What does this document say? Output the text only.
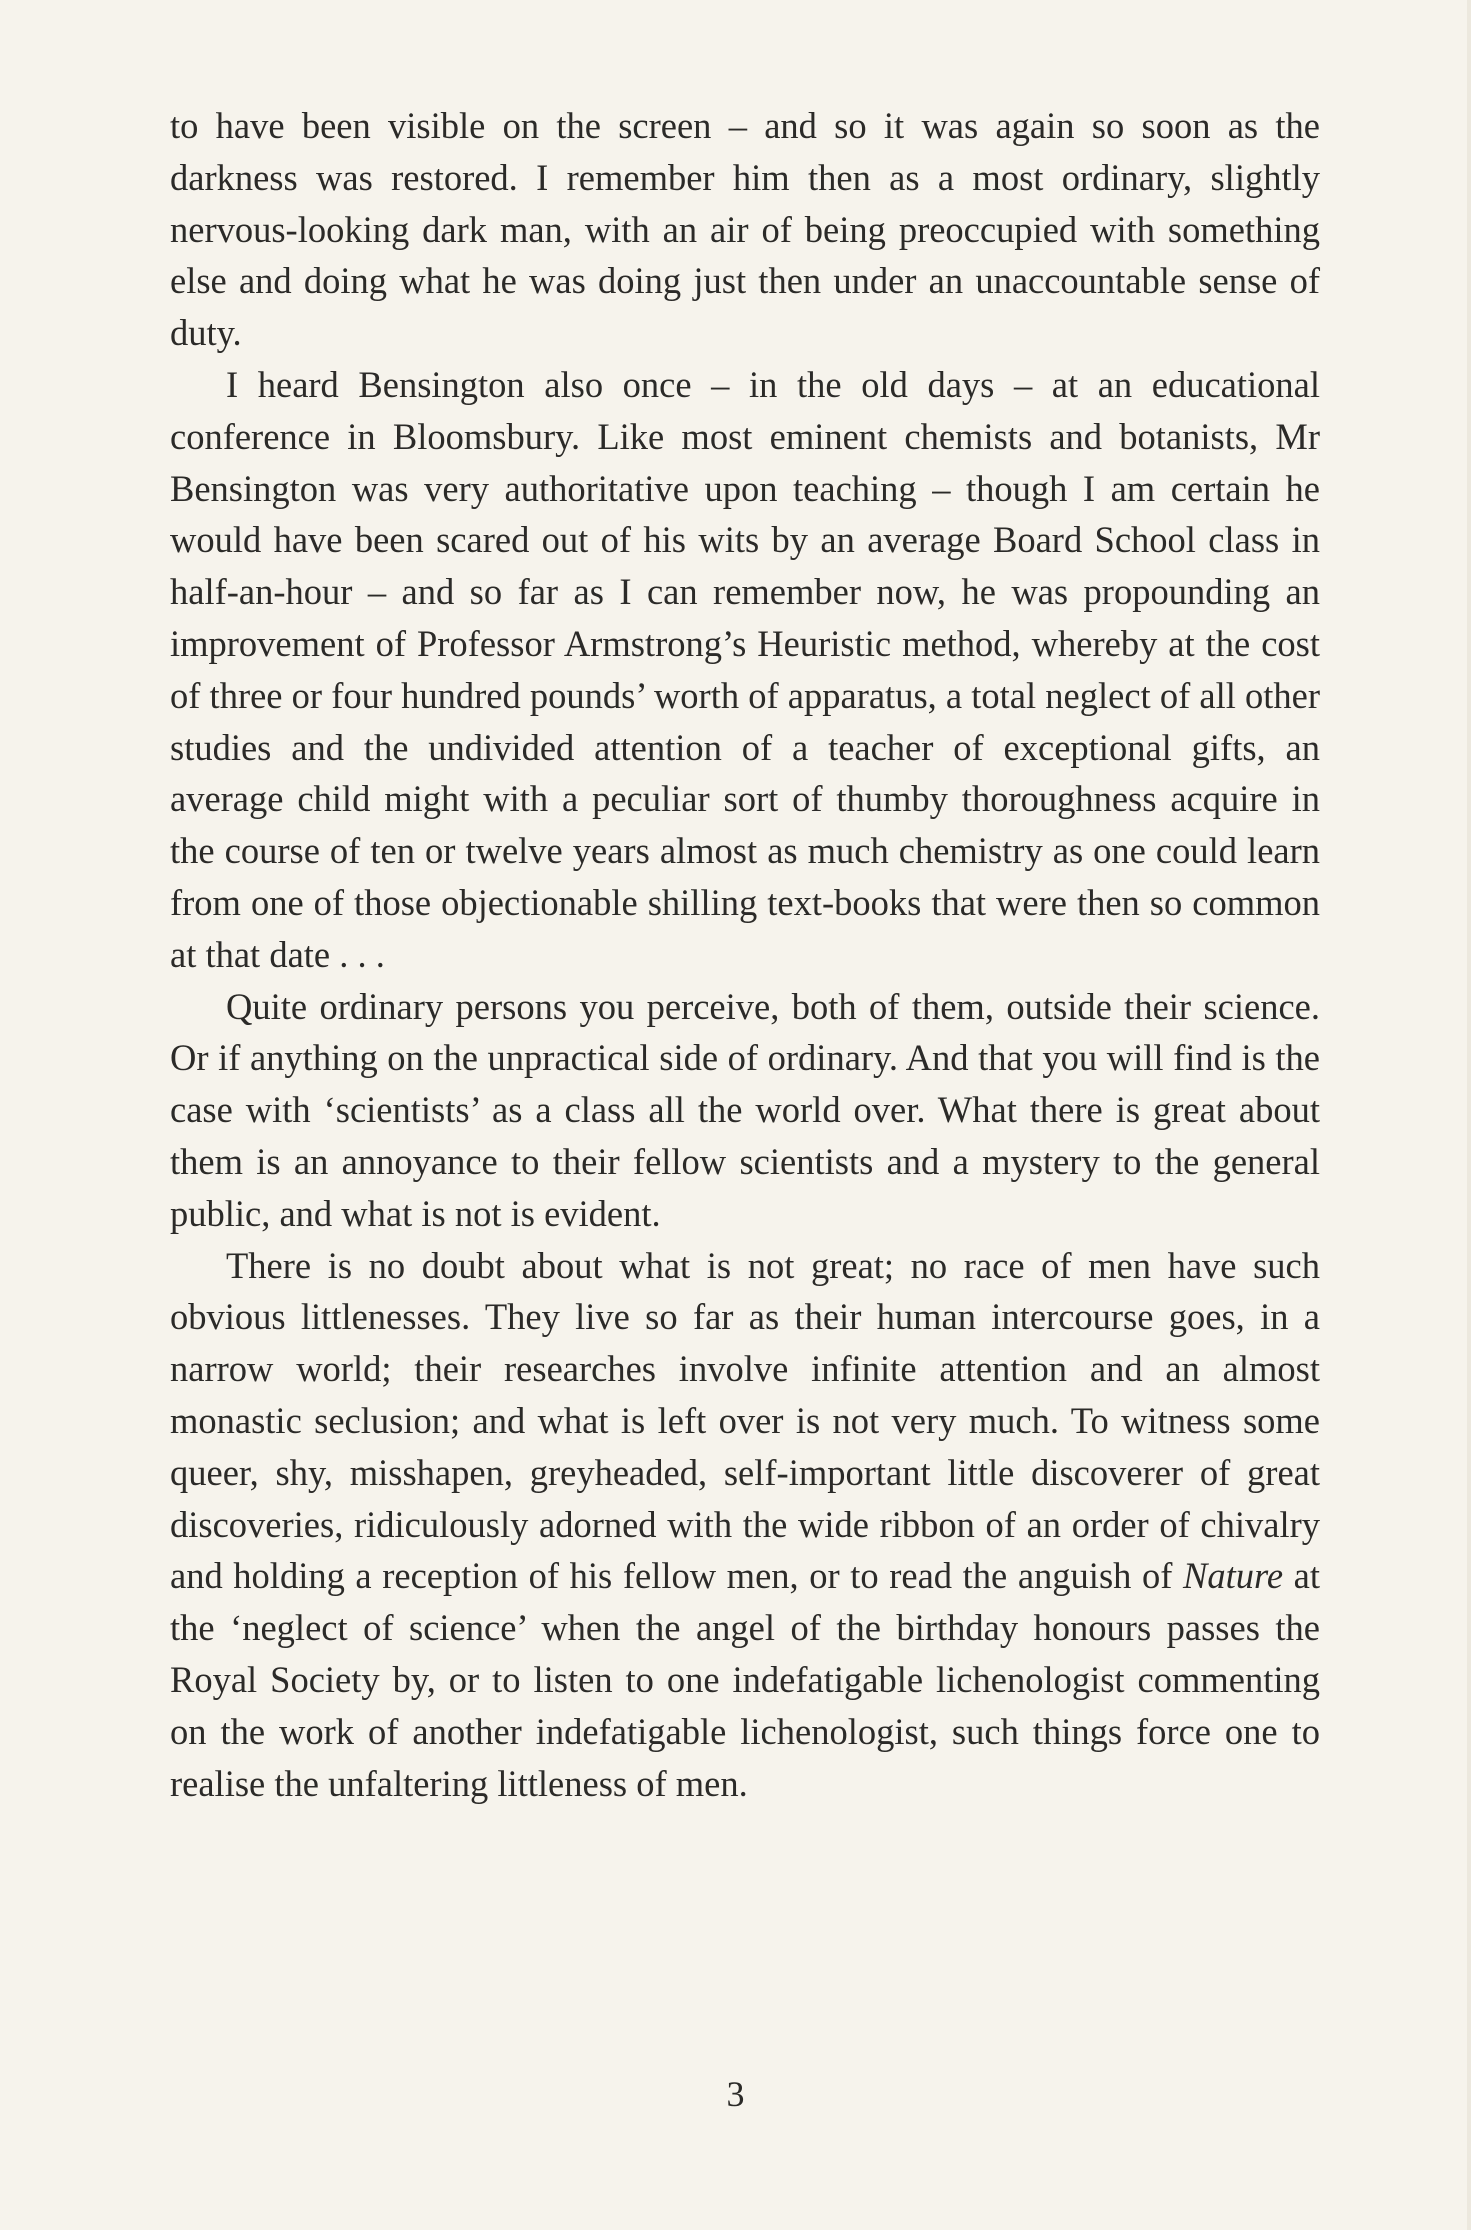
to have been visible on the screen – and so it was again so soon as the darkness was restored. I remember him then as a most ordinary, slightly nervous-looking dark man, with an air of being preoccupied with something else and doing what he was doing just then under an unaccountable sense of duty.

I heard Bensington also once – in the old days – at an educational conference in Bloomsbury. Like most eminent chemists and botanists, Mr Bensington was very authoritative upon teaching – though I am certain he would have been scared out of his wits by an average Board School class in half-an-hour – and so far as I can remember now, he was propounding an improvement of Professor Armstrong’s Heuristic method, whereby at the cost of three or four hundred pounds’ worth of apparatus, a total neglect of all other studies and the undivided attention of a teacher of exceptional gifts, an average child might with a peculiar sort of thumby thoroughness acquire in the course of ten or twelve years almost as much chemistry as one could learn from one of those objectionable shilling text-books that were then so common at that date . . .

Quite ordinary persons you perceive, both of them, outside their science. Or if anything on the unpractical side of ordinary. And that you will find is the case with ‘scientists’ as a class all the world over. What there is great about them is an annoyance to their fellow scientists and a mystery to the general public, and what is not is evident.

There is no doubt about what is not great; no race of men have such obvious littlenesses. They live so far as their human intercourse goes, in a narrow world; their researches involve infinite attention and an almost monastic seclusion; and what is left over is not very much. To witness some queer, shy, misshapen, greyheaded, self-important little discoverer of great discoveries, ridiculously adorned with the wide ribbon of an order of chivalry and holding a reception of his fellow men, or to read the anguish of Nature at the ‘neglect of science’ when the angel of the birthday honours passes the Royal Society by, or to listen to one indefatigable lichenologist commenting on the work of another indefatigable lichenologist, such things force one to realise the unfaltering littleness of men.

3
